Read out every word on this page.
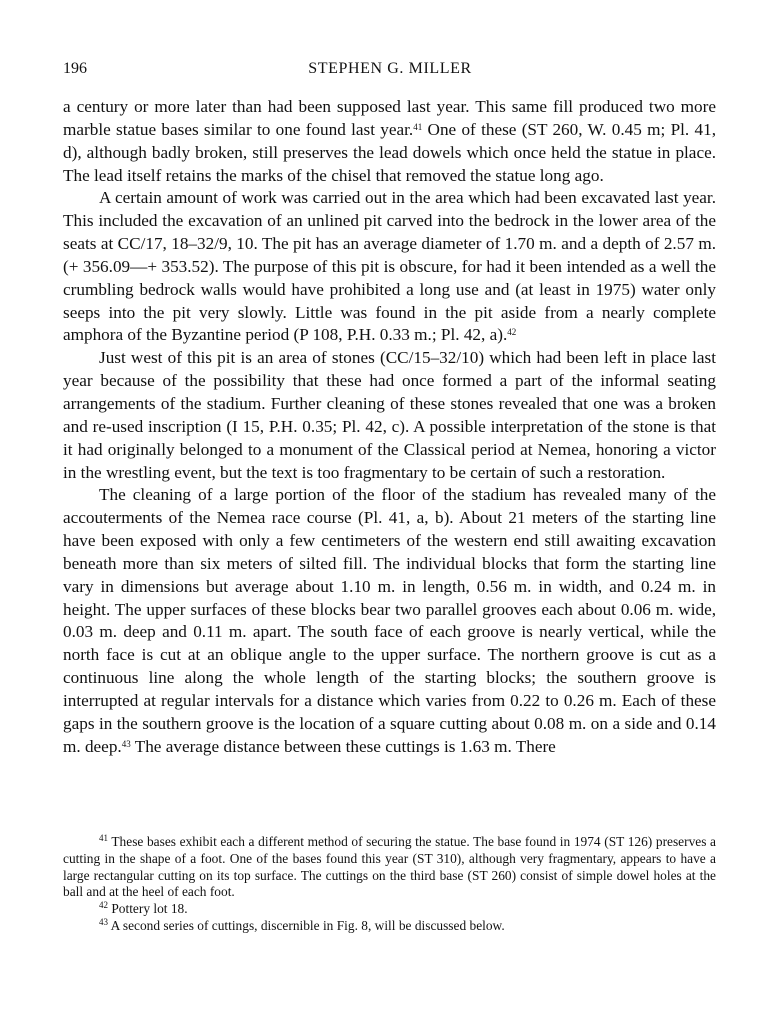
196	STEPHEN G. MILLER

a century or more later than had been supposed last year. This same fill produced two more marble statue bases similar to one found last year.$^{41}$ One of these (ST 260, W. 0.45 m; Pl. 41, d), although badly broken, still preserves the lead dowels which once held the statue in place. The lead itself retains the marks of the chisel that removed the statue long ago.

A certain amount of work was carried out in the area which had been excavated last year. This included the excavation of an unlined pit carved into the bedrock in the lower area of the seats at CC/17, 18–32/9, 10. The pit has an average diameter of 1.70 m. and a depth of 2.57 m. (+ 356.09—+ 353.52). The purpose of this pit is obscure, for had it been intended as a well the crumbling bedrock walls would have prohibited a long use and (at least in 1975) water only seeps into the pit very slowly. Little was found in the pit aside from a nearly complete amphora of the Byzantine period (P 108, P.H. 0.33 m.; Pl. 42, a).$^{42}$

Just west of this pit is an area of stones (CC/15–32/10) which had been left in place last year because of the possibility that these had once formed a part of the informal seating arrangements of the stadium. Further cleaning of these stones revealed that one was a broken and re-used inscription (I 15, P.H. 0.35; Pl. 42, c). A possible interpretation of the stone is that it had originally belonged to a monument of the Classical period at Nemea, honoring a victor in the wrestling event, but the text is too fragmentary to be certain of such a restoration.

The cleaning of a large portion of the floor of the stadium has revealed many of the accouterments of the Nemea race course (Pl. 41, a, b). About 21 meters of the starting line have been exposed with only a few centimeters of the western end still awaiting excavation beneath more than six meters of silted fill. The individual blocks that form the starting line vary in dimensions but average about 1.10 m. in length, 0.56 m. in width, and 0.24 m. in height. The upper surfaces of these blocks bear two parallel grooves each about 0.06 m. wide, 0.03 m. deep and 0.11 m. apart. The south face of each groove is nearly vertical, while the north face is cut at an oblique angle to the upper surface. The northern groove is cut as a continuous line along the whole length of the starting blocks; the southern groove is interrupted at regular intervals for a distance which varies from 0.22 to 0.26 m. Each of these gaps in the southern groove is the location of a square cutting about 0.08 m. on a side and 0.14 m. deep.$^{43}$ The average distance between these cuttings is 1.63 m. There

$^{41}$ These bases exhibit each a different method of securing the statue. The base found in 1974 (ST 126) preserves a cutting in the shape of a foot. One of the bases found this year (ST 310), although very fragmentary, appears to have a large rectangular cutting on its top surface. The cuttings on the third base (ST 260) consist of simple dowel holes at the ball and at the heel of each foot.

$^{42}$ Pottery lot 18.

$^{43}$ A second series of cuttings, discernible in Fig. 8, will be discussed below.
